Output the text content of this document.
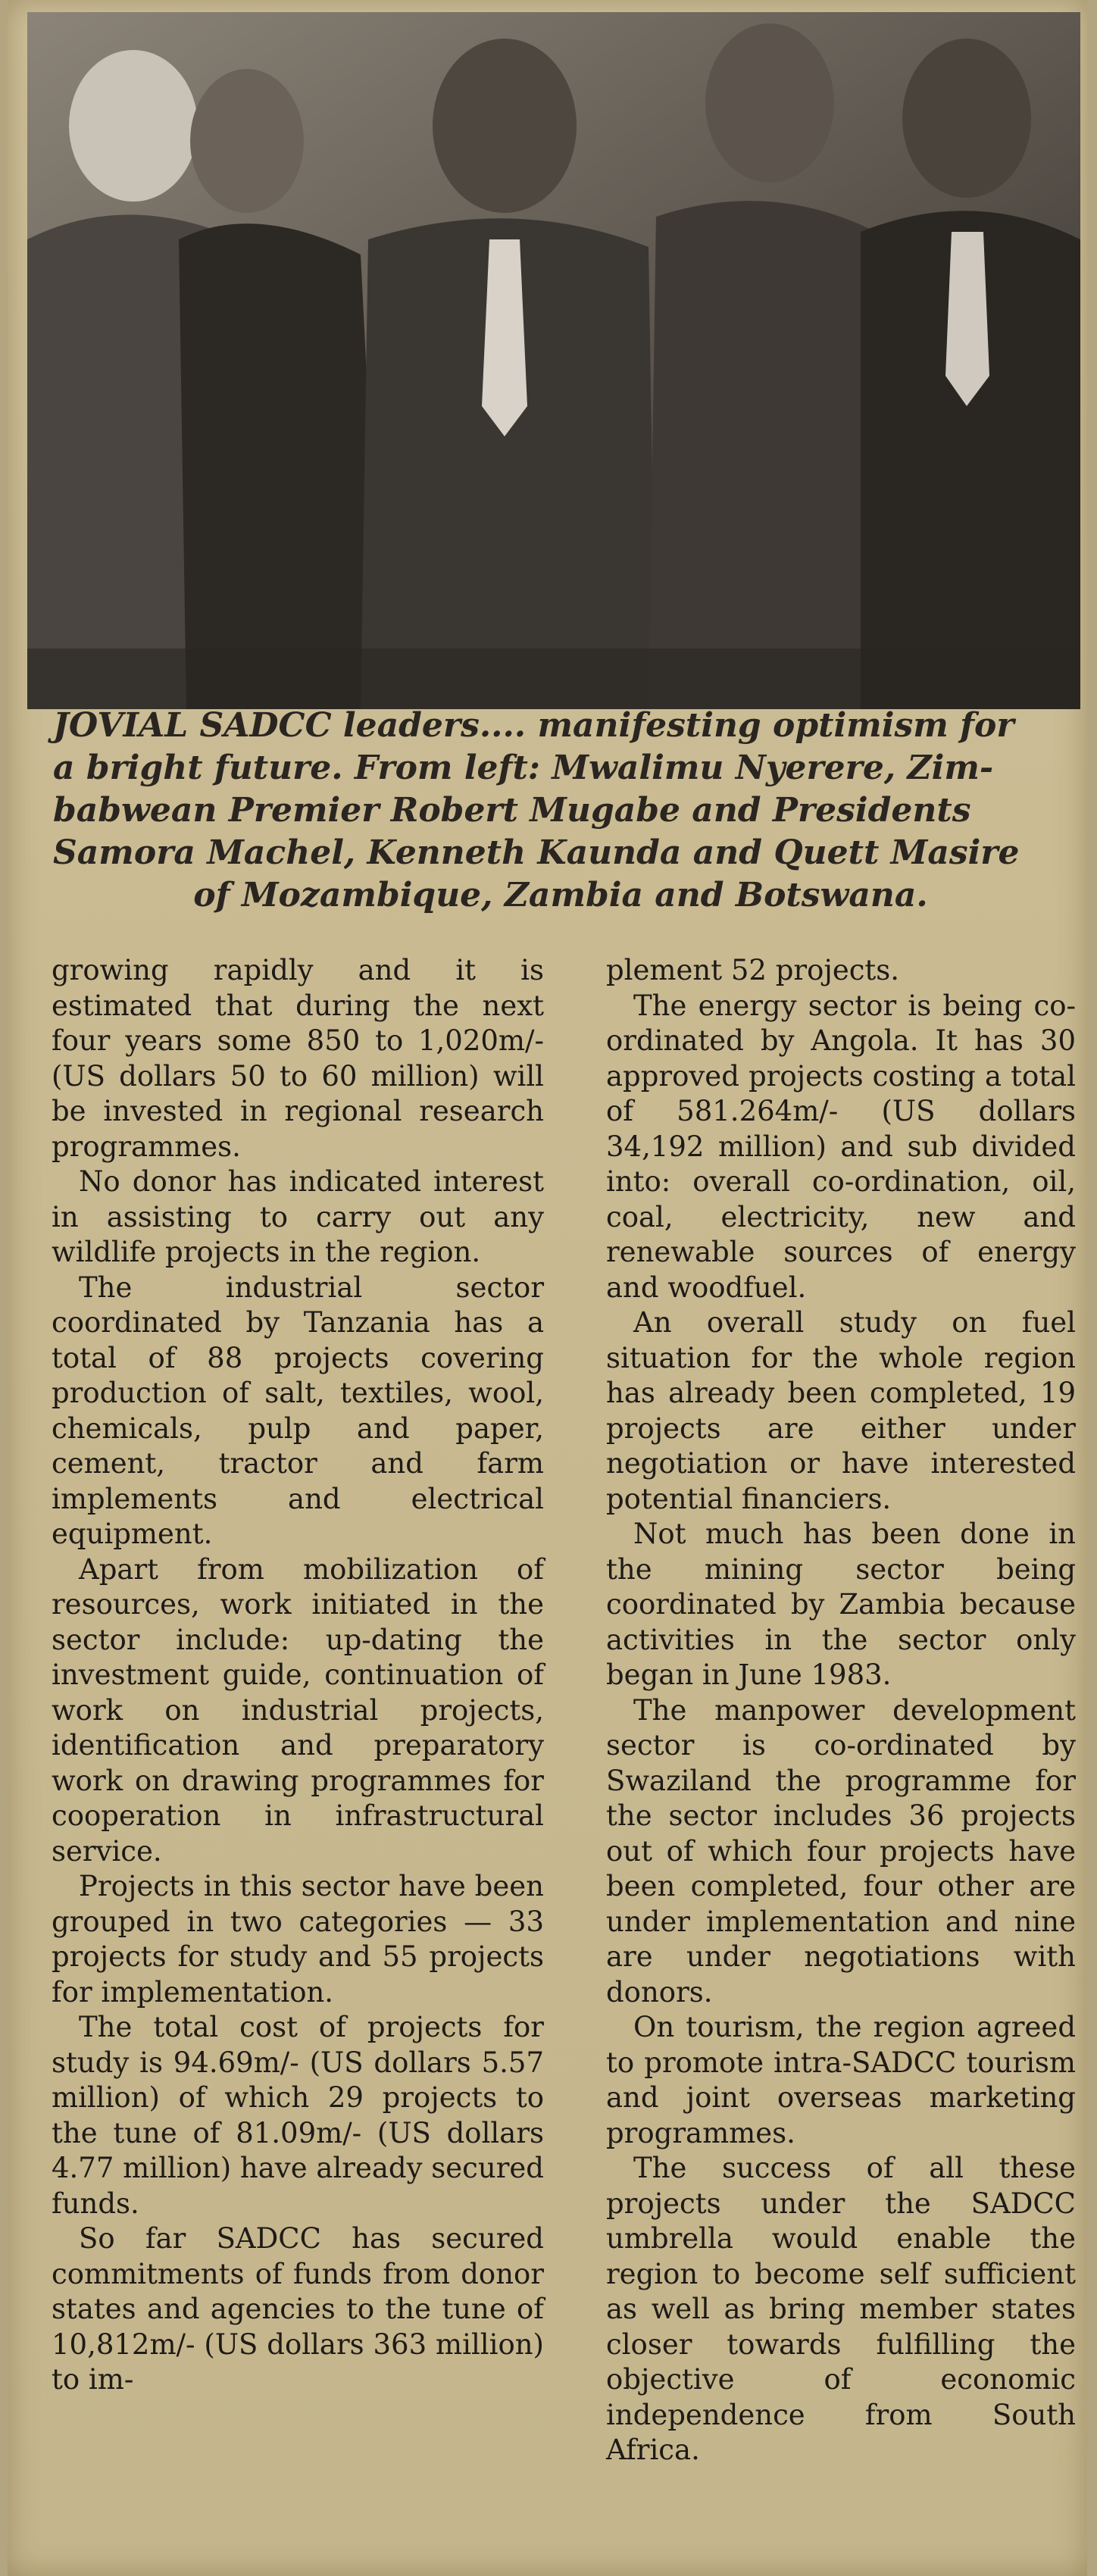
JOVIAL SADCC leaders.... manifesting optimism for

a bright future. From left: Mwalimu Nyerere, Zim-

babwean Premier Robert Mugabe and Presidents

Samora Machel, Kenneth Kaunda and Quett Masire

of Mozambique, Zambia and Botswana.

growing rapidly and it is estimated that during the next four years some 850 to 1,020m/- (US dollars 50 to 60 million) will be invested in regional research programmes.

No donor has indicated interest in assisting to carry out any wildlife projects in the region.

The industrial sector coordinated by Tanzania has a total of 88 projects covering production of salt, textiles, wool, chemicals, pulp and paper, cement, tractor and farm implements and electrical equipment.

Apart from mobilization of resources, work initiated in the sector include: up-dating the investment guide, continuation of work on industrial projects, identification and preparatory work on drawing programmes for cooperation in infrastructural service.

Projects in this sector have been grouped in two categories — 33 projects for study and 55 projects for implementation.

The total cost of projects for study is 94.69m/- (US dollars 5.57 million) of which 29 projects to the tune of 81.09m/- (US dollars 4.77 million) have already secured funds.

So far SADCC has secured commitments of funds from donor states and agencies to the tune of 10,812m/- (US dollars 363 million) to im-

plement 52 projects.

The energy sector is being co-ordinated by Angola. It has 30 approved projects costing a total of 581.264m/- (US dollars 34,192 million) and sub divided into: overall co-ordination, oil, coal, electricity, new and renewable sources of energy and woodfuel.

An overall study on fuel situation for the whole region has already been completed, 19 projects are either under negotiation or have interested potential financiers.

Not much has been done in the mining sector being coordinated by Zambia because activities in the sector only began in June 1983.

The manpower development sector is co-ordinated by Swaziland the programme for the sector includes 36 projects out of which four projects have been completed, four other are under implementation and nine are under negotiations with donors.

On tourism, the region agreed to promote intra-SADCC tourism and joint overseas marketing programmes.

The success of all these projects under the SADCC umbrella would enable the region to become self sufficient as well as bring member states closer towards fulfilling the objective of economic independence from South Africa.
